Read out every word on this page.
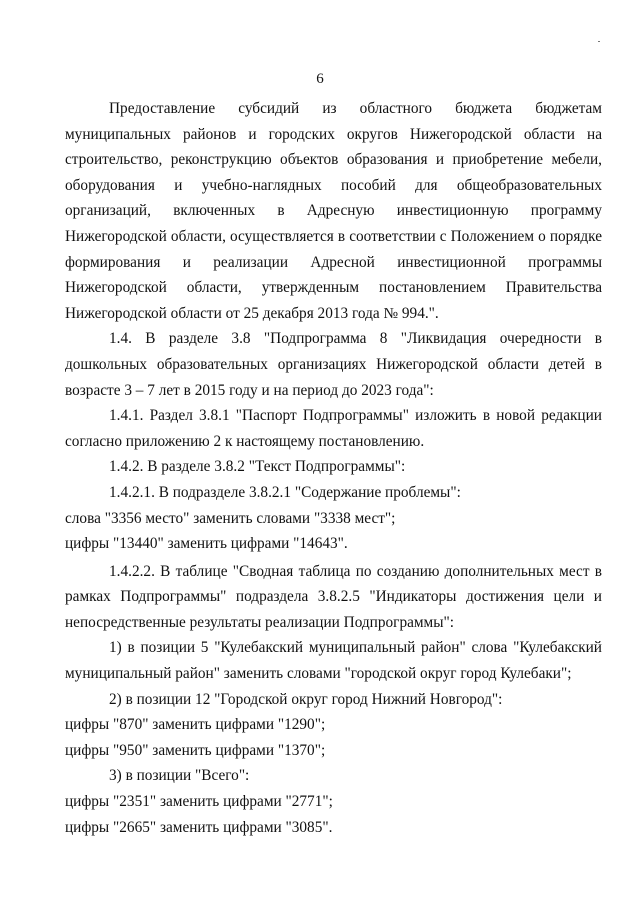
6

Предоставление субсидий из областного бюджета бюджетам муниципальных районов и городских округов Нижегородской области на строительство, реконструкцию объектов образования и приобретение мебели, оборудования и учебно-наглядных пособий для общеобразовательных организаций, включенных в Адресную инвестиционную программу Нижегородской области, осуществляется в соответствии с Положением о порядке формирования и реализации Адресной инвестиционной программы Нижегородской области, утвержденным постановлением Правительства Нижегородской области от 25 декабря 2013 года № 994.".

1.4. В разделе 3.8 "Подпрограмма 8 "Ликвидация очередности в дошкольных образовательных организациях Нижегородской области детей в возрасте 3 – 7 лет в 2015 году и на период до 2023 года":

1.4.1. Раздел 3.8.1 "Паспорт Подпрограммы" изложить в новой редакции согласно приложению 2 к настоящему постановлению.

1.4.2. В разделе 3.8.2 "Текст Подпрограммы":

1.4.2.1. В подразделе 3.8.2.1 "Содержание проблемы":

слова "3356 место" заменить словами "3338 мест";

цифры "13440" заменить цифрами "14643".

1.4.2.2. В таблице "Сводная таблица по созданию дополнительных мест в рамках Подпрограммы" подраздела 3.8.2.5 "Индикаторы достижения цели и непосредственные результаты реализации Подпрограммы":

1) в позиции 5 "Кулебакский муниципальный район" слова "Кулебакский муниципальный район" заменить словами "городской округ город Кулебаки";

2) в позиции 12 "Городской округ город Нижний Новгород":

цифры "870" заменить цифрами "1290";

цифры "950" заменить цифрами "1370";

3) в позиции "Всего":

цифры "2351" заменить цифрами "2771";

цифры "2665" заменить цифрами "3085".
